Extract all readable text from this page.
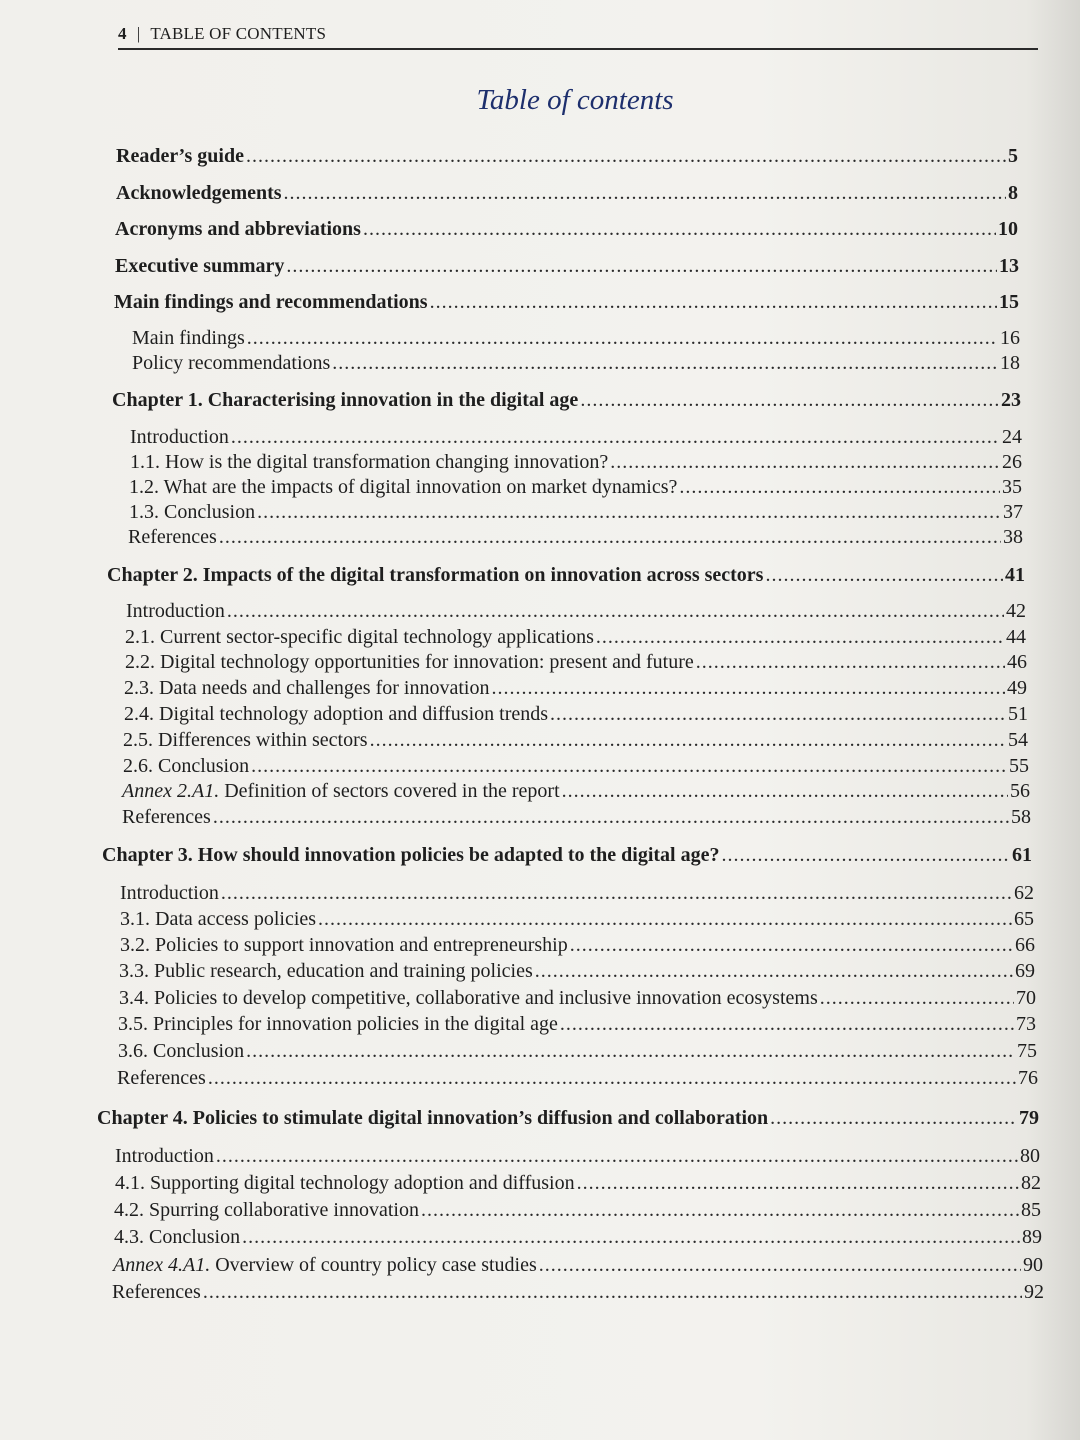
4 | TABLE OF CONTENTS
Table of contents
Reader’s guide .....	5
Acknowledgements .....	8
Acronyms and abbreviations .....	10
Executive summary .....	13
Main findings and recommendations .....	15
Main findings .....	16
Policy recommendations .....	18
Chapter 1. Characterising innovation in the digital age .....	23
Introduction .....	24
1.1. How is the digital transformation changing innovation? .....	26
1.2. What are the impacts of digital innovation on market dynamics? .....	35
1.3. Conclusion .....	37
References .....	38
Chapter 2. Impacts of the digital transformation on innovation across sectors .....	41
Introduction .....	42
2.1. Current sector-specific digital technology applications .....	44
2.2. Digital technology opportunities for innovation: present and future .....	46
2.3. Data needs and challenges for innovation .....	49
2.4. Digital technology adoption and diffusion trends .....	51
2.5. Differences within sectors .....	54
2.6. Conclusion .....	55
Annex 2.A1. Definition of sectors covered in the report .....	56
References .....	58
Chapter 3. How should innovation policies be adapted to the digital age? .....	61
Introduction .....	62
3.1. Data access policies .....	65
3.2. Policies to support innovation and entrepreneurship .....	66
3.3. Public research, education and training policies .....	69
3.4. Policies to develop competitive, collaborative and inclusive innovation ecosystems .....	70
3.5. Principles for innovation policies in the digital age .....	73
3.6. Conclusion .....	75
References .....	76
Chapter 4. Policies to stimulate digital innovation’s diffusion and collaboration .....	79
Introduction .....	80
4.1. Supporting digital technology adoption and diffusion .....	82
4.2. Spurring collaborative innovation .....	85
4.3. Conclusion .....	89
Annex 4.A1. Overview of country policy case studies .....	90
References .....	92
